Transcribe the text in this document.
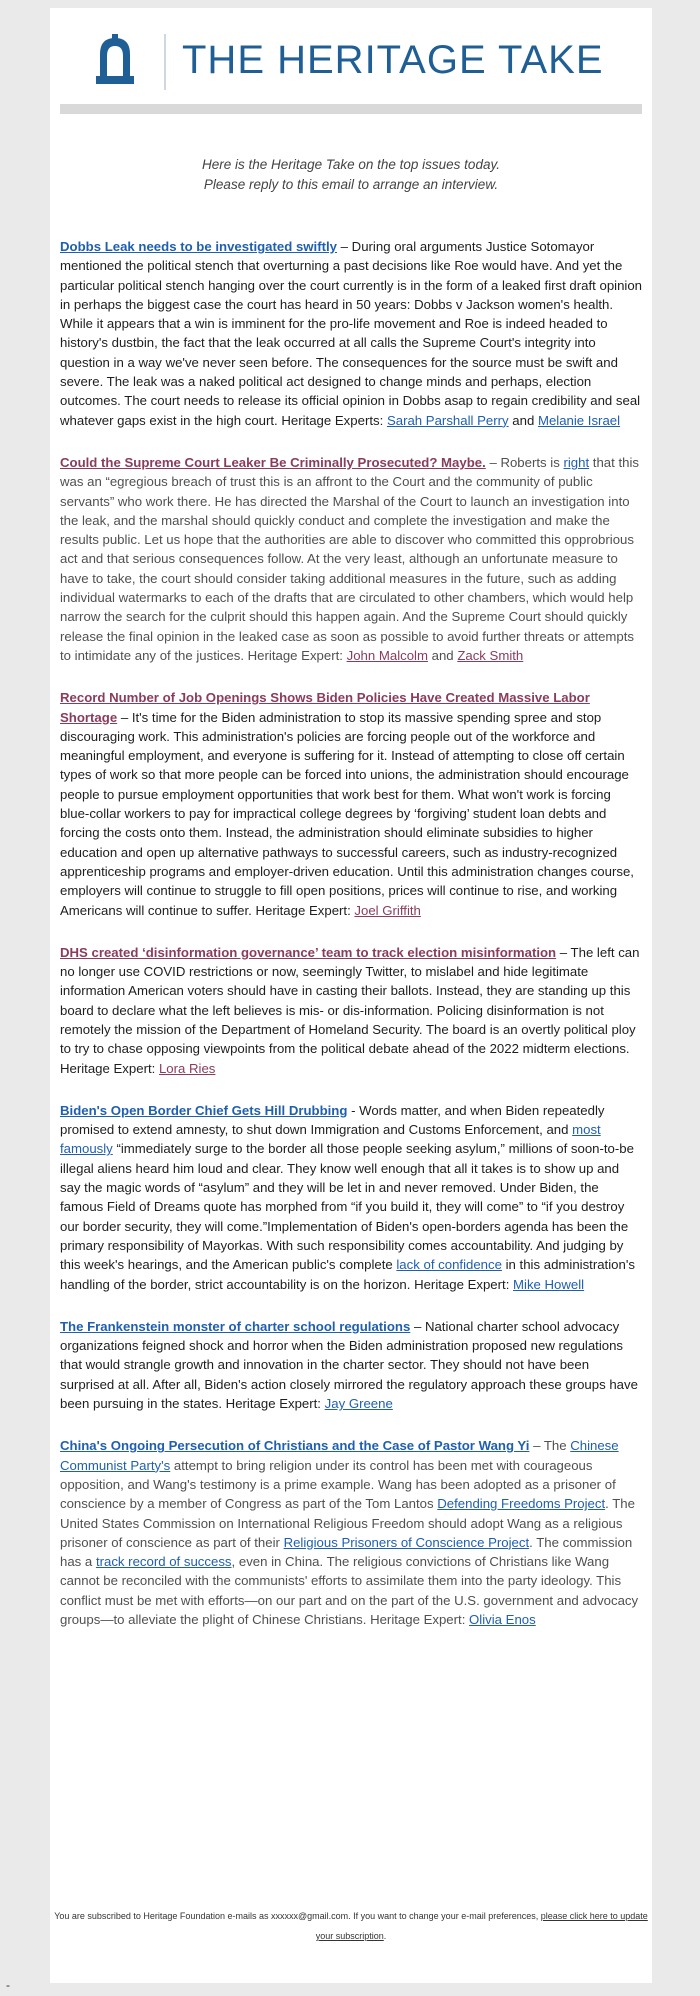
THE HERITAGE TAKE
Here is the Heritage Take on the top issues today.
Please reply to this email to arrange an interview.

Dobbs Leak needs to be investigated swiftly – During oral arguments Justice Sotomayor mentioned the political stench that overturning a past decisions like Roe would have. And yet the particular political stench hanging over the court currently is in the form of a leaked first draft opinion in perhaps the biggest case the court has heard in 50 years: Dobbs v Jackson women's health. While it appears that a win is imminent for the pro-life movement and Roe is indeed headed to history's dustbin, the fact that the leak occurred at all calls the Supreme Court's integrity into question in a way we've never seen before. The consequences for the source must be swift and severe. The leak was a naked political act designed to change minds and perhaps, election outcomes. The court needs to release its official opinion in Dobbs asap to regain credibility and seal whatever gaps exist in the high court. Heritage Experts: Sarah Parshall Perry and Melanie Israel

Could the Supreme Court Leaker Be Criminally Prosecuted? Maybe. – Roberts is right that this was an “egregious breach of trust this is an affront to the Court and the community of public servants” who work there. He has directed the Marshal of the Court to launch an investigation into the leak, and the marshal should quickly conduct and complete the investigation and make the results public. Let us hope that the authorities are able to discover who committed this opprobrious act and that serious consequences follow. At the very least, although an unfortunate measure to have to take, the court should consider taking additional measures in the future, such as adding individual watermarks to each of the drafts that are circulated to other chambers, which would help narrow the search for the culprit should this happen again. And the Supreme Court should quickly release the final opinion in the leaked case as soon as possible to avoid further threats or attempts to intimidate any of the justices. Heritage Expert: John Malcolm and Zack Smith

Record Number of Job Openings Shows Biden Policies Have Created Massive Labor Shortage – It's time for the Biden administration to stop its massive spending spree and stop discouraging work. This administration's policies are forcing people out of the workforce and meaningful employment, and everyone is suffering for it. Instead of attempting to close off certain types of work so that more people can be forced into unions, the administration should encourage people to pursue employment opportunities that work best for them. What won't work is forcing blue-collar workers to pay for impractical college degrees by ‘forgiving’ student loan debts and forcing the costs onto them. Instead, the administration should eliminate subsidies to higher education and open up alternative pathways to successful careers, such as industry-recognized apprenticeship programs and employer-driven education. Until this administration changes course, employers will continue to struggle to fill open positions, prices will continue to rise, and working Americans will continue to suffer. Heritage Expert: Joel Griffith

DHS created ‘disinformation governance’ team to track election misinformation – The left can no longer use COVID restrictions or now, seemingly Twitter, to mislabel and hide legitimate information American voters should have in casting their ballots. Instead, they are standing up this board to declare what the left believes is mis- or dis-information. Policing disinformation is not remotely the mission of the Department of Homeland Security. The board is an overtly political ploy to try to chase opposing viewpoints from the political debate ahead of the 2022 midterm elections. Heritage Expert: Lora Ries

Biden's Open Border Chief Gets Hill Drubbing - Words matter, and when Biden repeatedly promised to extend amnesty, to shut down Immigration and Customs Enforcement, and most famously “immediately surge to the border all those people seeking asylum,” millions of soon-to-be illegal aliens heard him loud and clear. They know well enough that all it takes is to show up and say the magic words of “asylum” and they will be let in and never removed. Under Biden, the famous Field of Dreams quote has morphed from “if you build it, they will come” to “if you destroy our border security, they will come.”Implementation of Biden's open-borders agenda has been the primary responsibility of Mayorkas. With such responsibility comes accountability. And judging by this week's hearings, and the American public's complete lack of confidence in this administration's handling of the border, strict accountability is on the horizon. Heritage Expert: Mike Howell

The Frankenstein monster of charter school regulations – National charter school advocacy organizations feigned shock and horror when the Biden administration proposed new regulations that would strangle growth and innovation in the charter sector. They should not have been surprised at all. After all, Biden's action closely mirrored the regulatory approach these groups have been pursuing in the states. Heritage Expert: Jay Greene

China's Ongoing Persecution of Christians and the Case of Pastor Wang Yi – The Chinese Communist Party's attempt to bring religion under its control has been met with courageous opposition, and Wang's testimony is a prime example. Wang has been adopted as a prisoner of conscience by a member of Congress as part of the Tom Lantos Defending Freedoms Project. The United States Commission on International Religious Freedom should adopt Wang as a religious prisoner of conscience as part of their Religious Prisoners of Conscience Project. The commission has a track record of success, even in China. The religious convictions of Christians like Wang cannot be reconciled with the communists' efforts to assimilate them into the party ideology. This conflict must be met with efforts—on our part and on the part of the U.S. government and advocacy groups—to alleviate the plight of Chinese Christians. Heritage Expert: Olivia Enos

You are subscribed to Heritage Foundation e-mails as xxxxxx@gmail.com. If you want to change your e-mail preferences, please click here to update your subscription.
-
